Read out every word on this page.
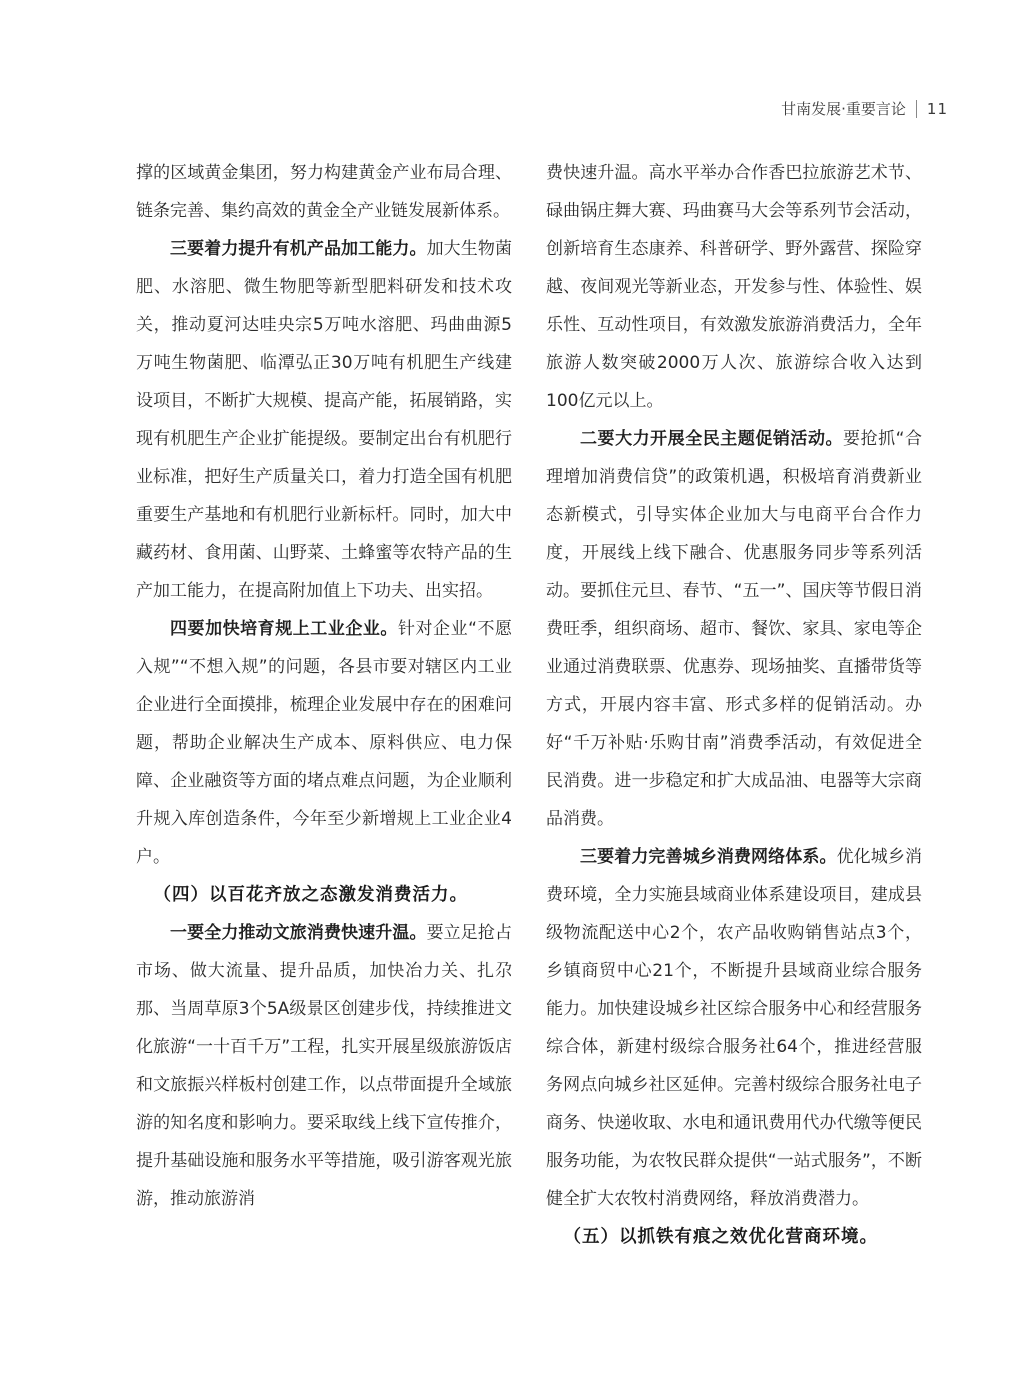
甘南发展·重要言论 11

撑的区域黄金集团，努力构建黄金产业布局合理、链条完善、集约高效的黄金全产业链发展新体系。

三要着力提升有机产品加工能力。加大生物菌肥、水溶肥、微生物肥等新型肥料研发和技术攻关，推动夏河达哇央宗5万吨水溶肥、玛曲曲源5万吨生物菌肥、临潭弘正30万吨有机肥生产线建设项目，不断扩大规模、提高产能，拓展销路，实现有机肥生产企业扩能提级。要制定出台有机肥行业标准，把好生产质量关口，着力打造全国有机肥重要生产基地和有机肥行业新标杆。同时，加大中藏药材、食用菌、山野菜、土蜂蜜等农特产品的生产加工能力，在提高附加值上下功夫、出实招。

四要加快培育规上工业企业。针对企业“不愿入规”“不想入规”的问题，各县市要对辖区内工业企业进行全面摸排，梳理企业发展中存在的困难问题，帮助企业解决生产成本、原料供应、电力保障、企业融资等方面的堵点难点问题，为企业顺利升规入库创造条件，今年至少新增规上工业企业4户。

（四）以百花齐放之态激发消费活力。

一要全力推动文旅消费快速升温。要立足抢占市场、做大流量、提升品质，加快冶力关、扎尕那、当周草原3个5A级景区创建步伐，持续推进文化旅游“一十百千万”工程，扎实开展星级旅游饭店和文旅振兴样板村创建工作，以点带面提升全域旅游的知名度和影响力。要采取线上线下宣传推介，提升基础设施和服务水平等措施，吸引游客观光旅游，推动旅游消

费快速升温。高水平举办合作香巴拉旅游艺术节、碌曲锅庄舞大赛、玛曲赛马大会等系列节会活动，创新培育生态康养、科普研学、野外露营、探险穿越、夜间观光等新业态，开发参与性、体验性、娱乐性、互动性项目，有效激发旅游消费活力，全年旅游人数突破2000万人次、旅游综合收入达到100亿元以上。

二要大力开展全民主题促销活动。要抢抓“合理增加消费信贷”的政策机遇，积极培育消费新业态新模式，引导实体企业加大与电商平台合作力度，开展线上线下融合、优惠服务同步等系列活动。要抓住元旦、春节、“五一”、国庆等节假日消费旺季，组织商场、超市、餐饮、家具、家电等企业通过消费联票、优惠券、现场抽奖、直播带货等方式，开展内容丰富、形式多样的促销活动。办好“千万补贴·乐购甘南”消费季活动，有效促进全民消费。进一步稳定和扩大成品油、电器等大宗商品消费。

三要着力完善城乡消费网络体系。优化城乡消费环境，全力实施县域商业体系建设项目，建成县级物流配送中心2个，农产品收购销售站点3个，乡镇商贸中心21个，不断提升县域商业综合服务能力。加快建设城乡社区综合服务中心和经营服务综合体，新建村级综合服务社64个，推进经营服务网点向城乡社区延伸。完善村级综合服务社电子商务、快递收取、水电和通讯费用代办代缴等便民服务功能，为农牧民群众提供“一站式服务”，不断健全扩大农牧村消费网络，释放消费潜力。

（五）以抓铁有痕之效优化营商环境。
